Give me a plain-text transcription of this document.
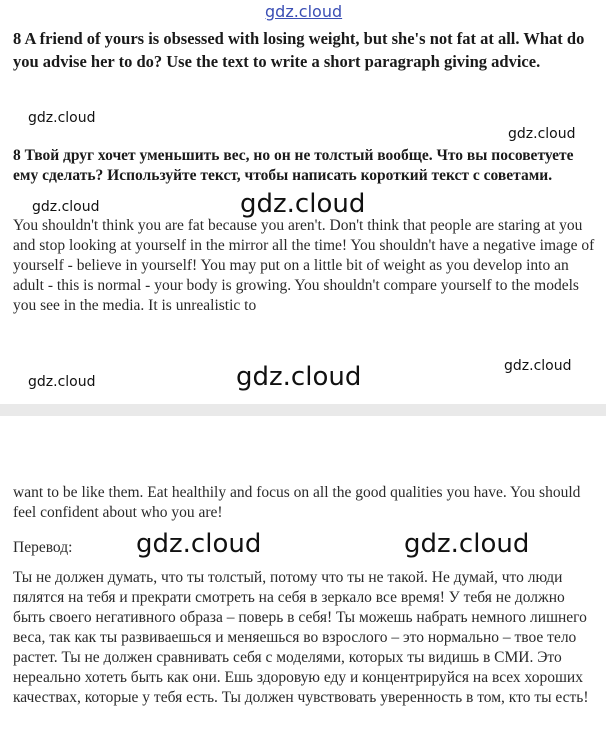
gdz.cloud

8 A friend of yours is obsessed with losing weight, but she's not fat at all. What do you advise her to do? Use the text to write a short paragraph giving advice.

gdz.cloud
gdz.cloud

8 Твой друг хочет уменьшить вес, но он не толстый вообще. Что вы посоветуете ему сделать? Используйте текст, чтобы написать короткий текст с советами.

You shouldn't think you are fat because you aren't. Don't think that people are staring at you and stop looking at yourself in the mirror all the time! You shouldn't have a negative image of yourself - believe in yourself! You may put on a little bit of weight as you develop into an adult - this is normal - your body is growing. You shouldn't compare yourself to the models you see in the media. It is unrealistic to

gdz.cloud	gdz.cloud
gdz.cloud
gdz.cloud	gdz.cloud

want to be like them. Eat healthily and focus on all the good qualities you have. You should feel confident about who you are!

Перевод:	gdz.cloud	gdz.cloud

Ты не должен думать, что ты толстый, потому что ты не такой. Не думай, что люди пялятся на тебя и прекрати смотреть на себя в зеркало все время! У тебя не должно быть своего негативного образа – поверь в себя! Ты можешь набрать немного лишнего веса, так как ты развиваешься и меняешься во взрослого – это нормально – твое тело растет. Ты не должен сравнивать себя с моделями, которых ты видишь в СМИ. Это нереально хотеть быть как они. Ешь здоровую еду и концентрируйся на всех хороших качествах, которые у тебя есть. Ты должен чувствовать уверенность в том, кто ты есть!
